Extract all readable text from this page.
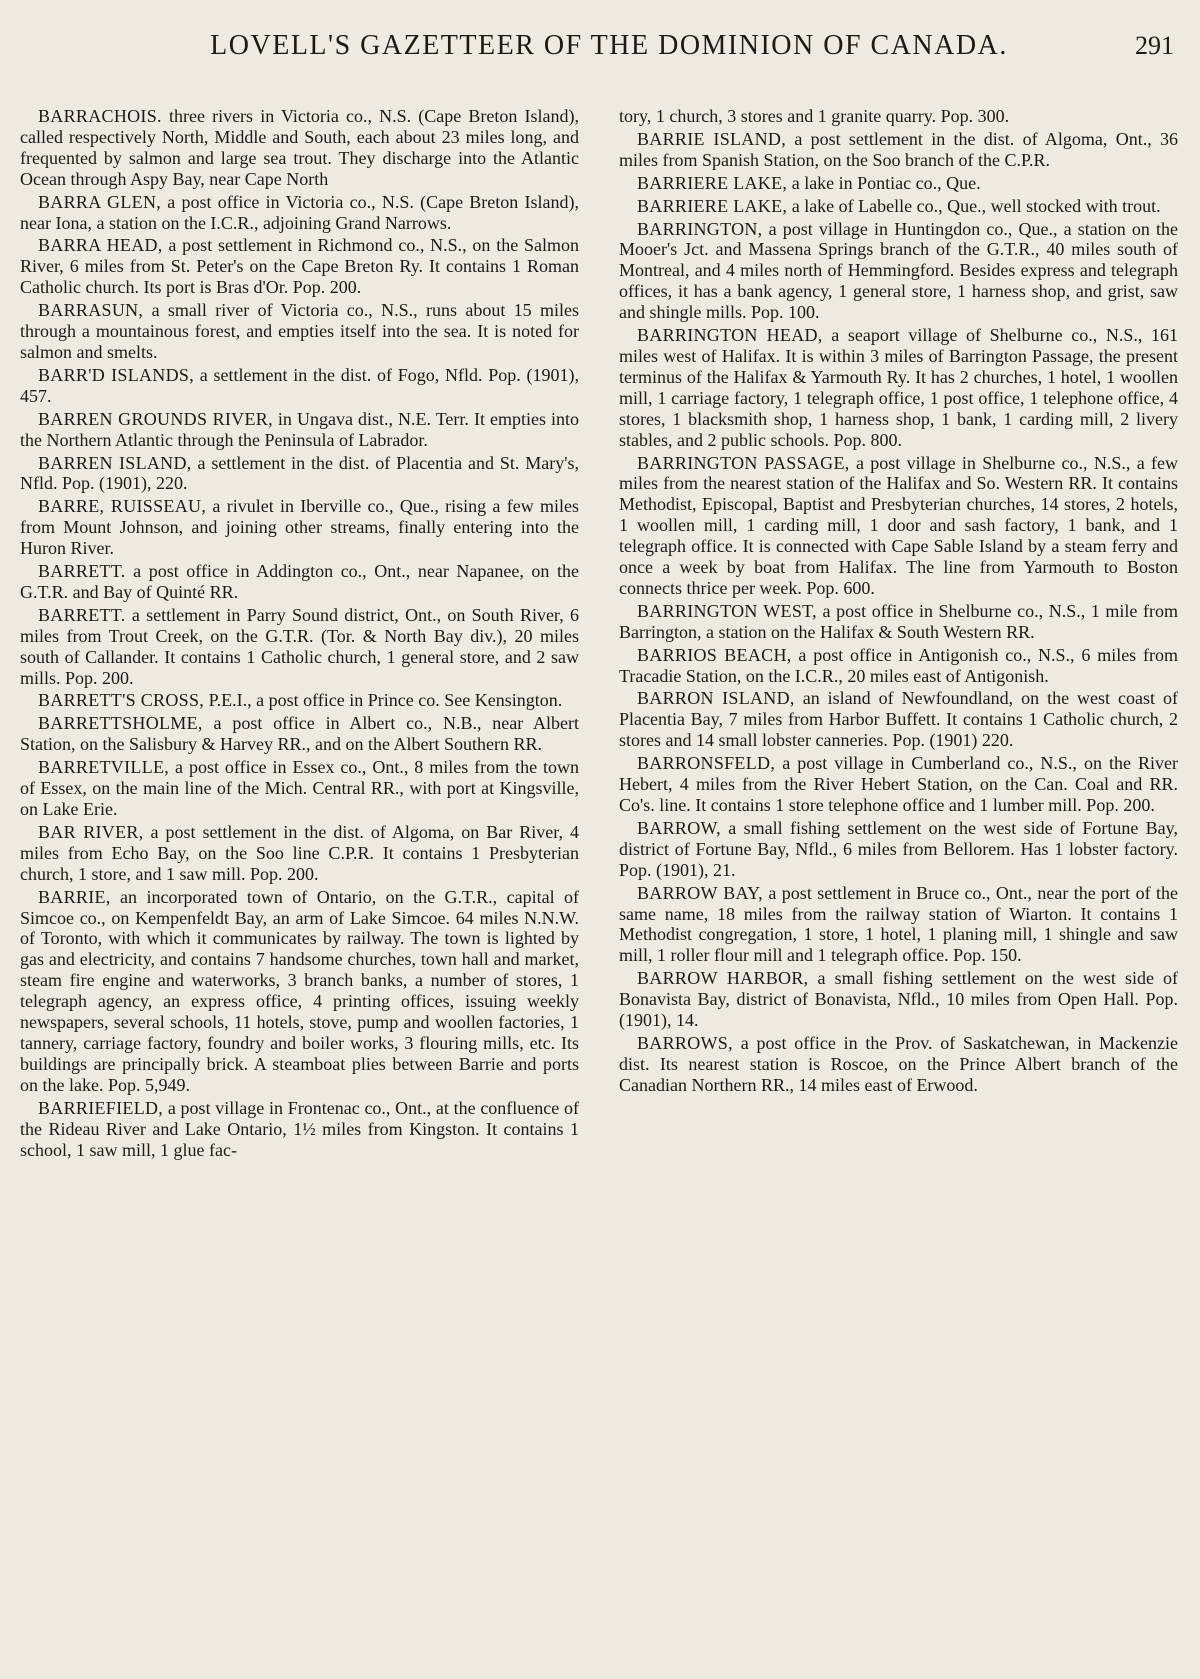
LOVELL'S GAZETTEER OF THE DOMINION OF CANADA.	291

BARRACHOIS. three rivers in Victoria co., N.S. (Cape Breton Island), called respectively North, Middle and South, each about 23 miles long, and frequented by salmon and large sea trout. They discharge into the Atlantic Ocean through Aspy Bay, near Cape North

BARRA GLEN, a post office in Victoria co., N.S. (Cape Breton Island), near Iona, a station on the I.C.R., adjoining Grand Narrows.

BARRA HEAD, a post settlement in Richmond co., N.S., on the Salmon River, 6 miles from St. Peter's on the Cape Breton Ry. It contains 1 Roman Catholic church. Its port is Bras d'Or. Pop. 200.

BARRASUN, a small river of Victoria co., N.S., runs about 15 miles through a mountainous forest, and empties itself into the sea. It is noted for salmon and smelts.

BARR'D ISLANDS, a settlement in the dist. of Fogo, Nfld. Pop. (1901), 457.

BARREN GROUNDS RIVER, in Ungava dist., N.E. Terr. It empties into the Northern Atlantic through the Peninsula of Labrador.

BARREN ISLAND, a settlement in the dist. of Placentia and St. Mary's, Nfld. Pop. (1901), 220.

BARRE, RUISSEAU, a rivulet in Iberville co., Que., rising a few miles from Mount Johnson, and joining other streams, finally entering into the Huron River.

BARRETT. a post office in Addington co., Ont., near Napanee, on the G.T.R. and Bay of Quinté RR.

BARRETT. a settlement in Parry Sound district, Ont., on South River, 6 miles from Trout Creek, on the G.T.R. (Tor. & North Bay div.), 20 miles south of Callander. It contains 1 Catholic church, 1 general store, and 2 saw mills. Pop. 200.

BARRETT'S CROSS, P.E.I., a post office in Prince co. See Kensington.

BARRETTSHOLME, a post office in Albert co., N.B., near Albert Station, on the Salisbury & Harvey RR., and on the Albert Southern RR.

BARRETVILLE, a post office in Essex co., Ont., 8 miles from the town of Essex, on the main line of the Mich. Central RR., with port at Kingsville, on Lake Erie.

BAR RIVER, a post settlement in the dist. of Algoma, on Bar River, 4 miles from Echo Bay, on the Soo line C.P.R. It contains 1 Presbyterian church, 1 store, and 1 saw mill. Pop. 200.

BARRIE, an incorporated town of Ontario, on the G.T.R., capital of Simcoe co., on Kempenfeldt Bay, an arm of Lake Simcoe. 64 miles N.N.W. of Toronto, with which it communicates by railway. The town is lighted by gas and electricity, and contains 7 handsome churches, town hall and market, steam fire engine and waterworks, 3 branch banks, a number of stores, 1 telegraph agency, an express office, 4 printing offices, issuing weekly newspapers, several schools, 11 hotels, stove, pump and woollen factories, 1 tannery, carriage factory, foundry and boiler works, 3 flouring mills, etc. Its buildings are principally brick. A steamboat plies between Barrie and ports on the lake. Pop. 5,949.

BARRIEFIELD, a post village in Frontenac co., Ont., at the confluence of the Rideau River and Lake Ontario, 1½ miles from Kingston. It contains 1 school, 1 saw mill, 1 glue fac-

tory, 1 church, 3 stores and 1 granite quarry. Pop. 300.

BARRIE ISLAND, a post settlement in the dist. of Algoma, Ont., 36 miles from Spanish Station, on the Soo branch of the C.P.R.

BARRIERE LAKE, a lake in Pontiac co., Que.

BARRIERE LAKE, a lake of Labelle co., Que., well stocked with trout.

BARRINGTON, a post village in Huntingdon co., Que., a station on the Mooer's Jct. and Massena Springs branch of the G.T.R., 40 miles south of Montreal, and 4 miles north of Hemmingford. Besides express and telegraph offices, it has a bank agency, 1 general store, 1 harness shop, and grist, saw and shingle mills. Pop. 100.

BARRINGTON HEAD, a seaport village of Shelburne co., N.S., 161 miles west of Halifax. It is within 3 miles of Barrington Passage, the present terminus of the Halifax & Yarmouth Ry. It has 2 churches, 1 hotel, 1 woollen mill, 1 carriage factory, 1 telegraph office, 1 post office, 1 telephone office, 4 stores, 1 blacksmith shop, 1 harness shop, 1 bank, 1 carding mill, 2 livery stables, and 2 public schools. Pop. 800.

BARRINGTON PASSAGE, a post village in Shelburne co., N.S., a few miles from the nearest station of the Halifax and So. Western RR. It contains Methodist, Episcopal, Baptist and Presbyterian churches, 14 stores, 2 hotels, 1 woollen mill, 1 carding mill, 1 door and sash factory, 1 bank, and 1 telegraph office. It is connected with Cape Sable Island by a steam ferry and once a week by boat from Halifax. The line from Yarmouth to Boston connects thrice per week. Pop. 600.

BARRINGTON WEST, a post office in Shelburne co., N.S., 1 mile from Barrington, a station on the Halifax & South Western RR.

BARRIOS BEACH, a post office in Antigonish co., N.S., 6 miles from Tracadie Station, on the I.C.R., 20 miles east of Antigonish.

BARRON ISLAND, an island of Newfoundland, on the west coast of Placentia Bay, 7 miles from Harbor Buffett. It contains 1 Catholic church, 2 stores and 14 small lobster canneries. Pop. (1901) 220.

BARRONSFELD, a post village in Cumberland co., N.S., on the River Hebert, 4 miles from the River Hebert Station, on the Can. Coal and RR. Co's. line. It contains 1 store telephone office and 1 lumber mill. Pop. 200.

BARROW, a small fishing settlement on the west side of Fortune Bay, district of Fortune Bay, Nfld., 6 miles from Bellorem. Has 1 lobster factory. Pop. (1901), 21.

BARROW BAY, a post settlement in Bruce co., Ont., near the port of the same name, 18 miles from the railway station of Wiarton. It contains 1 Methodist congregation, 1 store, 1 hotel, 1 planing mill, 1 shingle and saw mill, 1 roller flour mill and 1 telegraph office. Pop. 150.

BARROW HARBOR, a small fishing settlement on the west side of Bonavista Bay, district of Bonavista, Nfld., 10 miles from Open Hall. Pop. (1901), 14.

BARROWS, a post office in the Prov. of Saskatchewan, in Mackenzie dist. Its nearest station is Roscoe, on the Prince Albert branch of the Canadian Northern RR., 14 miles east of Erwood.
